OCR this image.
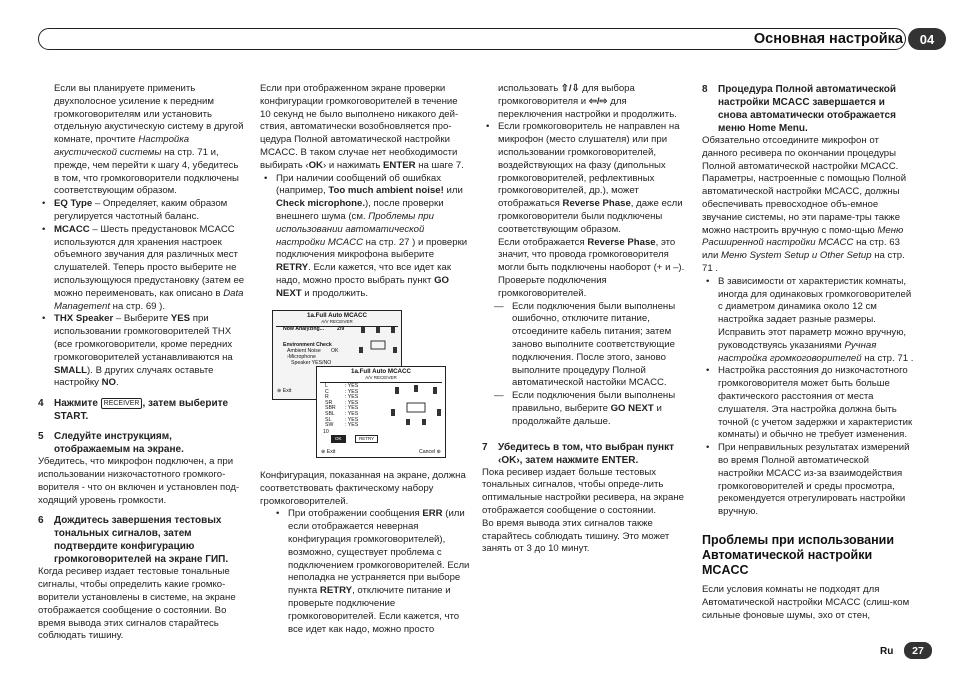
Основная настройка	04

Если вы планируете применить двухполосное усиление к передним громкоговорителям или установить отдельную акустическую систему в другой комнате, прочтите Настройка акустической системы на стр. 71 и, прежде, чем перейти к шагу 4, убедитесь в том, что громкоговорители подключены соответствующим образом.

• EQ Type – Определяет, каким образом регулируется частотный баланс.

• MCACC – Шесть предустановок MCACC используются для хранения настроек объемного звучания для различных мест слушателей. Теперь просто выберите не использующуюся предустановку (затем ее можно переименовать, как описано в Data Management на стр. 69 ).

• THX Speaker – Выберите YES при использовании громкоговорителей THX (все громкоговорители, кроме передних громкоговорителей устанавливаются на SMALL). В других случаях оставьте настройку NO.

4 Нажмите RECEIVER , затем выберите START.

5 Следуйте инструкциям, отображаемым на экране.

Убедитесь, что микрофон подключен, а при использовании низкочастотного громкого-ворителя - что он включен и установлен под-ходящий уровень громкости.

6 Дождитесь завершения тестовых тональных сигналов, затем подтвердите конфигурацию громкоговорителей на экране ГИП.

Когда ресивер издает тестовые тональные сигналы, чтобы определить какие громко-ворители установлены в системе, на экране отображается сообщение о состоянии. Во время вывода этих сигналов старайтесь соблюдать тишину.

Если при отображенном экране проверки конфигурации громкоговорителей в течение 10 секунд не было выполнено никакого дей-ствия, автоматически возобновляется про-цедура Полной автоматической настройки MCACC. В таком случае нет необходимости выбирать ‹OK› и нажимать ENTER на шаге 7.

• При наличии сообщений об ошибках (например, Too much ambient noise! или Check microphone.), после проверки внешнего шума (см. Проблемы при использовании автоматической настройки MCACC на стр. 27 ) и проверки подключения микрофона выберите RETRY. Если кажется, что все идет как надо, можно просто выбрать пункт GO NEXT и продолжить.

Конфигурация, показанная на экране, должна соответствовать фактическому набору громкоговорителей.

• При отображении сообщения ERR (или если отображается неверная конфигурация громкоговорителей), возможно, существует проблема с подключением громкоговорителей. Если неполадка не устраняется при выборе пункта RETRY, отключите питание и проверьте подключение громкоговорителей. Если кажется, что все идет как надо, можно просто

1a.Full Auto MCACC
A/V RECEIVER
Now Analyzing... 2/9
Environment Check
Ambient Noise OK
›Microphone
Speaker YES/NO
⊕ Exit
1a.Full Auto MCACC
A/V RECEIVER
L	: YES
C	: YES
R	: YES
SR : YES
SBR : YES
SBL : YES
SL	: YES
SW : YES
10
OK	RETRY
⊕ Exit	Cancel ⊕

использовать ⇧/⇩ для выбора громкоговорителя и ⇦/⇨ для переключения настройки и продолжить.

• Если громкоговоритель не направлен на микрофон (место слушателя) или при использовании громкоговорителей, воздействующих на фазу (дипольных громкоговорителей, рефлективных громкоговорителей, др.), может отображаться Reverse Phase, даже если громкоговорители были подключены соответствующим образом.

Если отображается Reverse Phase, это значит, что провода громкоговорителя могли быть подключены наоборот (+ и –). Проверьте подключения громкоговорителей.

— Если подключения были выполнены ошибочно, отключите питание, отсоедините кабель питания; затем заново выполните соответствующие подключения. После этого, заново выполните процедуру Полной автоматической настойки MCACC.

— Если подключения были выполнены правильно, выберите GO NEXT и продолжайте дальше.

7 Убедитесь в том, что выбран пункт ‹OK›, затем нажмите ENTER.

Пока ресивер издает больше тестовых тональных сигналов, чтобы опреде-лить оптимальные настройки ресивера, на экране отображается сообщение о состоянии.

Во время вывода этих сигналов также старайтесь соблюдать тишину. Это может занять от 3 до 10 минут.

8 Процедура Полной автоматической настройки MCACC завершается и снова автоматически отображается меню Home Menu.

Обязательно отсоедините микрофон от данного ресивера по окончании процедуры Полной автоматической настройки MCACC. Параметры, настроенные с помощью Полной автоматической настройки MCACC, должны обеспечивать превосходное объ-емное звучание системы, но эти параме-тры также можно настроить вручную с помо-щью Меню Расширенной настройки MCACC на стр. 63 или Меню System Setup и Other Setup на стр. 71 .

• В зависимости от характеристик комнаты, иногда для одинаковых громкоговорителей с диаметром динамика около 12 см настройка задает разные размеры. Исправить этот параметр можно вручную, руководствуясь указаниями Ручная настройка громкоговорителей на стр. 71 .

• Настройка расстояния до низкочастотного громкоговорителя может быть больше фактического расстояния от места слушателя. Эта настройка должна быть точной (с учетом задержки и характеристик комнаты) и обычно не требует изменения.

• При неправильных результатах измерений во время Полной автоматической настройки MCACC из-за взаимодействия громкоговорителей и среды просмотра, рекомендуется отрегулировать настройки вручную.

Проблемы при использовании Автоматической настройки MCACC

Если условия комнаты не подходят для Автоматической настройки MCACC (слиш-ком сильные фоновые шумы, эхо от стен,

Ru	27
